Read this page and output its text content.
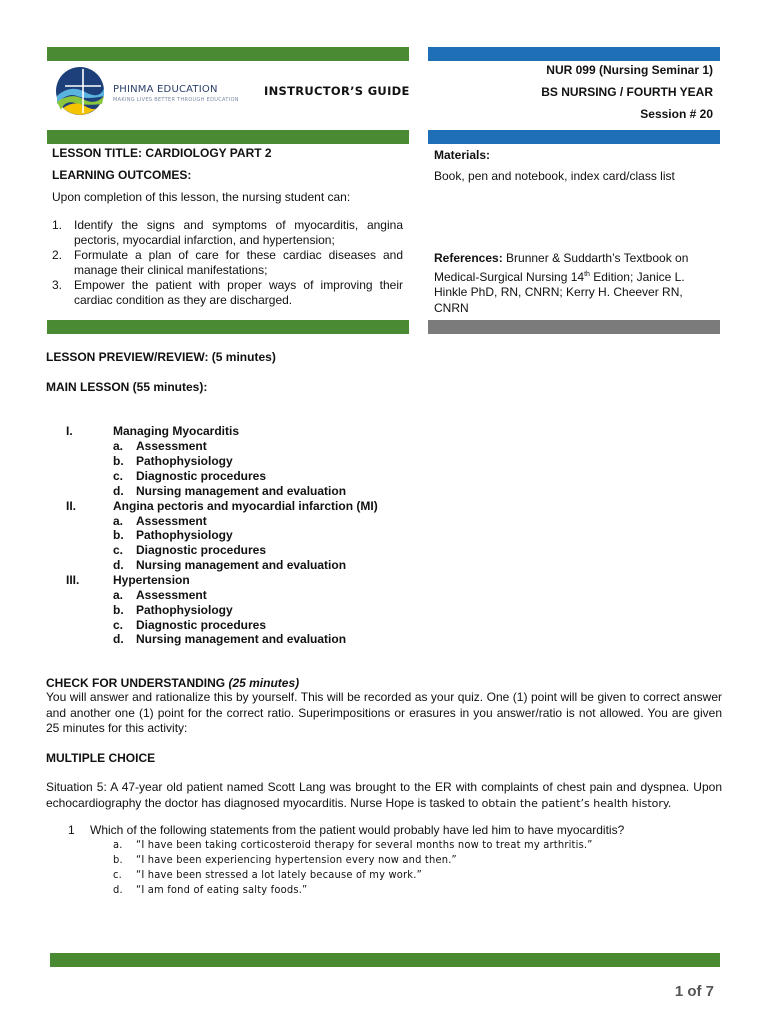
PHINMA EDUCATION
MAKING LIVES BETTER THROUGH EDUCATION
INSTRUCTOR’S GUIDE
NUR 099 (Nursing Seminar 1)
BS NURSING / FOURTH YEAR
Session # 20
LESSON TITLE: CARDIOLOGY PART 2
LEARNING OUTCOMES:
Upon completion of this lesson, the nursing student can:
1. Identify the signs and symptoms of myocarditis, angina pectoris, myocardial infarction, and hypertension;
2. Formulate a plan of care for these cardiac diseases and manage their clinical manifestations;
3. Empower the patient with proper ways of improving their cardiac condition as they are discharged.
Materials:
Book, pen and notebook, index card/class list
References: Brunner & Suddarth’s Textbook on Medical-Surgical Nursing 14th Edition; Janice L. Hinkle PhD, RN, CNRN; Kerry H. Cheever RN, CNRN
LESSON PREVIEW/REVIEW: (5 minutes)
MAIN LESSON (55 minutes):
I.	Managing Myocarditis
a. Assessment
b. Pathophysiology
c. Diagnostic procedures
d. Nursing management and evaluation
II.	Angina pectoris and myocardial infarction (MI)
a. Assessment
b. Pathophysiology
c. Diagnostic procedures
d. Nursing management and evaluation
III.	Hypertension
a. Assessment
b. Pathophysiology
c. Diagnostic procedures
d. Nursing management and evaluation
CHECK FOR UNDERSTANDING (25 minutes)
You will answer and rationalize this by yourself. This will be recorded as your quiz. One (1) point will be given to correct answer and another one (1) point for the correct ratio. Superimpositions or erasures in you answer/ratio is not allowed. You are given 25 minutes for this activity:
MULTIPLE CHOICE
Situation 5: A 47-year old patient named Scott Lang was brought to the ER with complaints of chest pain and dyspnea. Upon echocardiography the doctor has diagnosed myocarditis. Nurse Hope is tasked to obtain the patient’s health history.
1 Which of the following statements from the patient would probably have led him to have myocarditis?
a. “I have been taking corticosteroid therapy for several months now to treat my arthritis.”
b. “I have been experiencing hypertension every now and then.”
c. “I have been stressed a lot lately because of my work.”
d. “I am fond of eating salty foods.”
1 of 7
